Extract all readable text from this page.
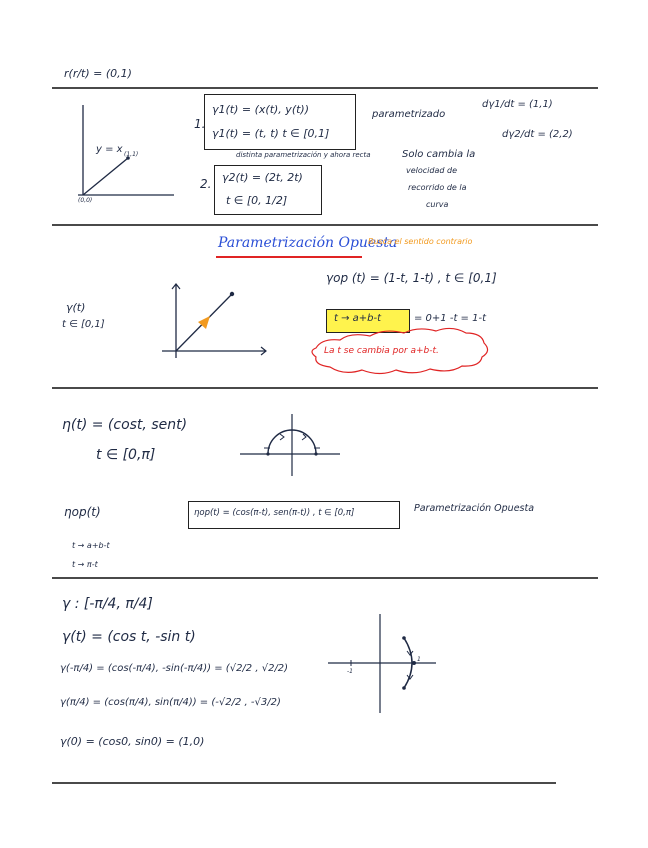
r(r/t) = (0,1)
y = x (1,1)
(0,0)
1.
γ1(t) = (x(t), y(t))
γ1(t) = (t, t) t ∈ [0,1]
parametrizado
dγ1/dt = (1,1)
dγ2/dt = (2,2)
distinta parametrización y ahora recta
2. γ2(t) = (2t, 2t)
t ∈ [0, 1/2]
Solo cambia la
velocidad de
recorrido de la
curva
Parametrización Opuesta
Busca el sentido contrario
γ(t)
t ∈ [0,1]
γop (t) = (1-t, 1-t) , t ∈ [0,1]
t → a+b-t	= 0+1 -t = 1-t
La t se cambia por a+b-t.
η(t) = (cost, sent)
t ∈ [0,π]
ηop(t)
t → a+b-t
t → π-t
ηop(t) = (cos(π-t), sen(π-t)) , t ∈ [0,π]	Parametrización Opuesta
γ : [-π/4, π/4]
γ(t) = (cos t, -sin t)
γ(-π/4) = (cos(-π/4), -sin(-π/4)) = (√2/2 , √2/2)
γ(π/4) = (cos(π/4), sin(π/4)) = (-√2/2 , -√3/2)
γ(0) = (cos0, sin0) = (1,0)
-1
1
